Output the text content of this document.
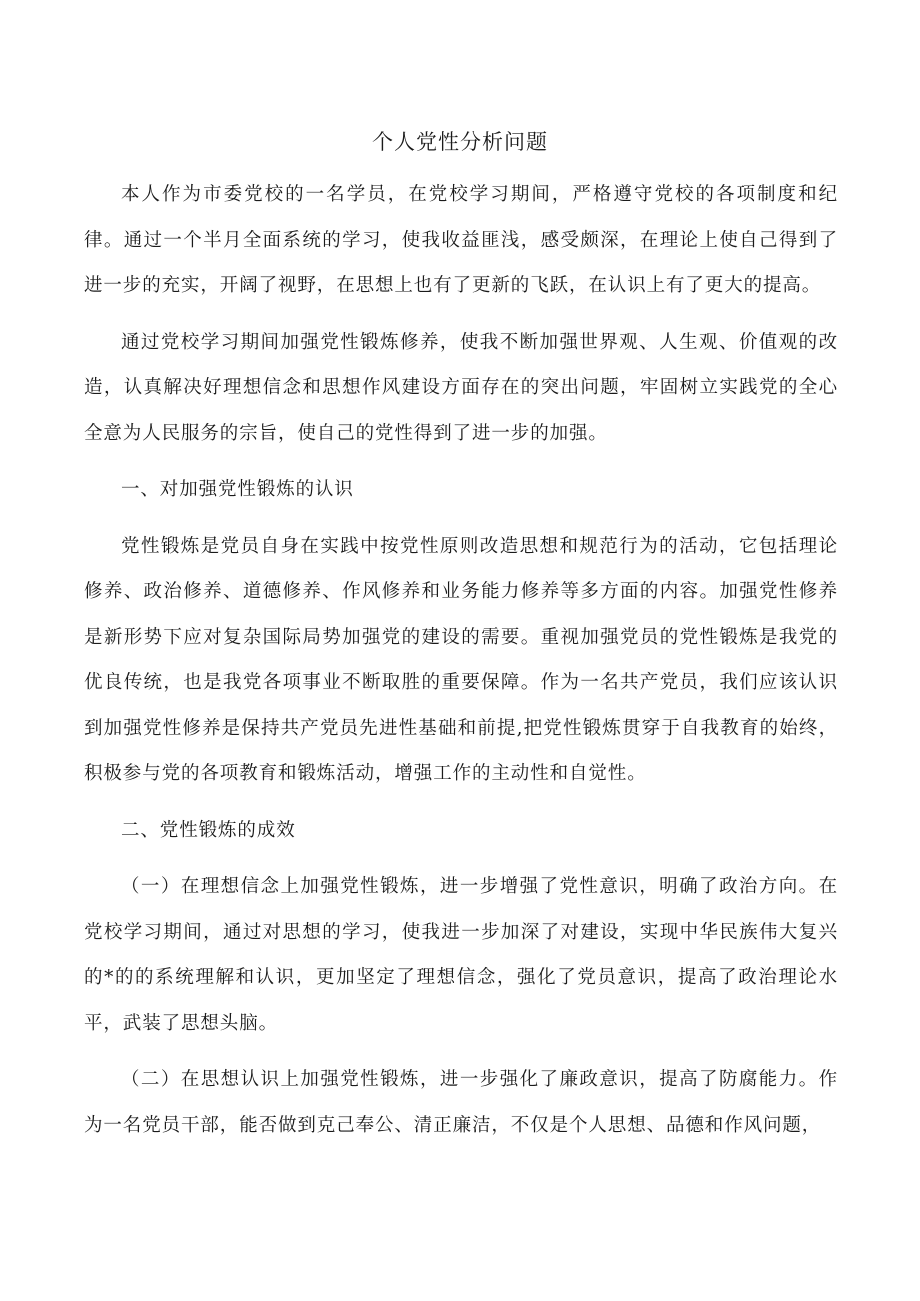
个人党性分析问题

本人作为市委党校的一名学员，在党校学习期间，严格遵守党校的各项制度和纪律。通过一个半月全面系统的学习，使我收益匪浅，感受颇深，在理论上使自己得到了进一步的充实，开阔了视野，在思想上也有了更新的飞跃，在认识上有了更大的提高。

通过党校学习期间加强党性锻炼修养，使我不断加强世界观、人生观、价值观的改造，认真解决好理想信念和思想作风建设方面存在的突出问题，牢固树立实践党的全心全意为人民服务的宗旨，使自己的党性得到了进一步的加强。

一、对加强党性锻炼的认识

党性锻炼是党员自身在实践中按党性原则改造思想和规范行为的活动，它包括理论修养、政治修养、道德修养、作风修养和业务能力修养等多方面的内容。加强党性修养是新形势下应对复杂国际局势加强党的建设的需要。重视加强党员的党性锻炼是我党的优良传统，也是我党各项事业不断取胜的重要保障。作为一名共产党员，我们应该认识到加强党性修养是保持共产党员先进性基础和前提,把党性锻炼贯穿于自我教育的始终，积极参与党的各项教育和锻炼活动，增强工作的主动性和自觉性。

二、党性锻炼的成效

（一）在理想信念上加强党性锻炼，进一步增强了党性意识，明确了政治方向。在党校学习期间，通过对思想的学习，使我进一步加深了对建设，实现中华民族伟大复兴的*的的系统理解和认识，更加坚定了理想信念，强化了党员意识，提高了政治理论水平，武装了思想头脑。

（二）在思想认识上加强党性锻炼，进一步强化了廉政意识，提高了防腐能力。作为一名党员干部，能否做到克己奉公、清正廉洁，不仅是个人思想、品德和作风问题，
